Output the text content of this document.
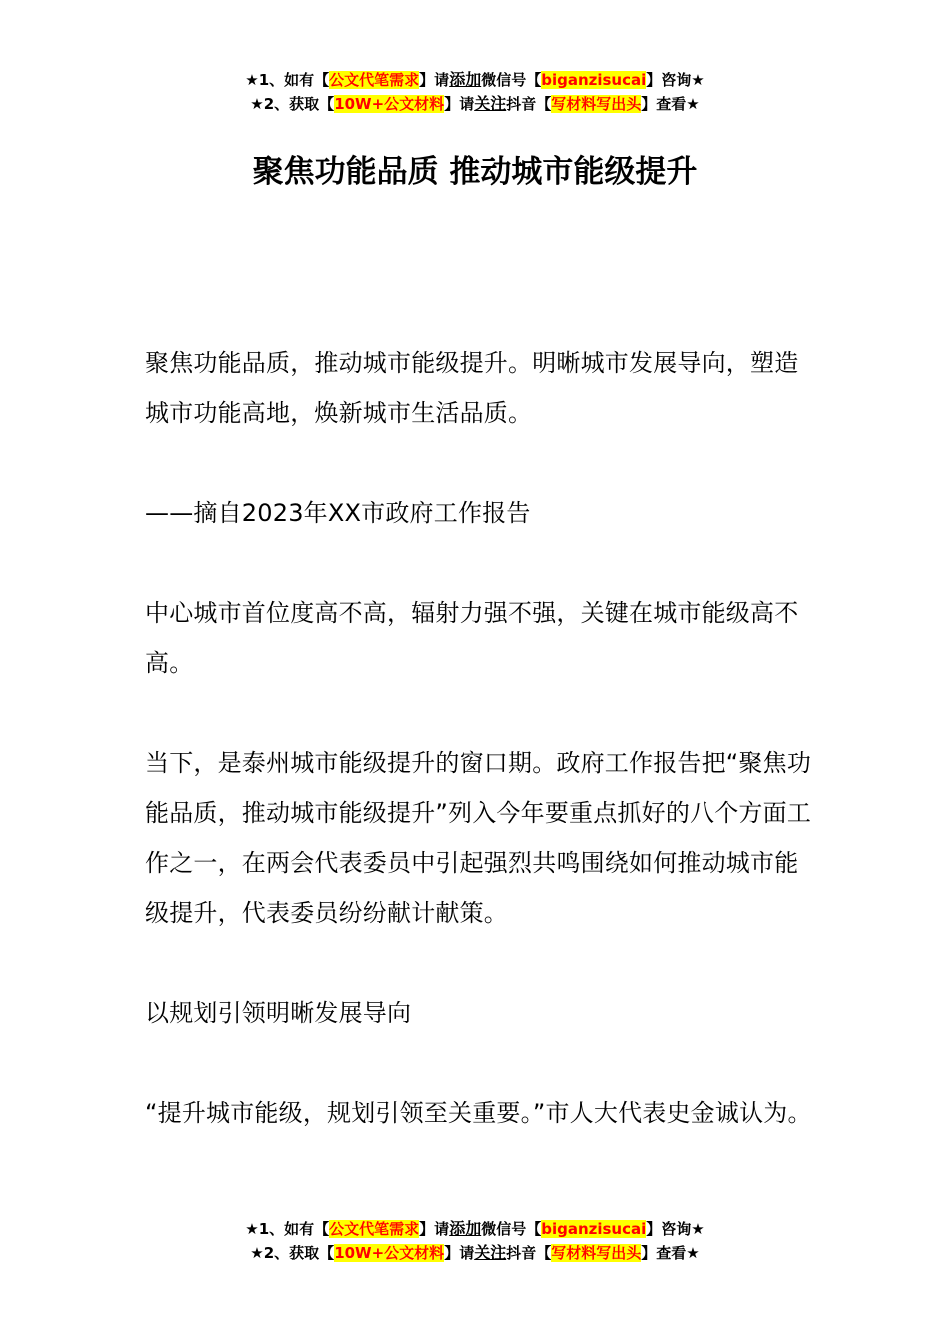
★1、如有【公文代笔需求】请添加微信号【biganzisucai】咨询★
★2、获取【10W+公文材料】请关注抖音【写材料写出头】查看★
聚焦功能品质 推动城市能级提升

聚焦功能品质，推动城市能级提升。明晰城市发展导向，塑造城市功能高地，焕新城市生活品质。

——摘自2023年XX市政府工作报告

中心城市首位度高不高，辐射力强不强，关键在城市能级高不高。

当下，是泰州城市能级提升的窗口期。政府工作报告把“聚焦功能品质，推动城市能级提升”列入今年要重点抓好的八个方面工作之一，在两会代表委员中引起强烈共鸣围绕如何推动城市能级提升，代表委员纷纷献计献策。

以规划引领明晰发展导向

“提升城市能级，规划引领至关重要。”市人大代表史金诚认为。

★1、如有【公文代笔需求】请添加微信号【biganzisucai】咨询★
★2、获取【10W+公文材料】请关注抖音【写材料写出头】查看★
